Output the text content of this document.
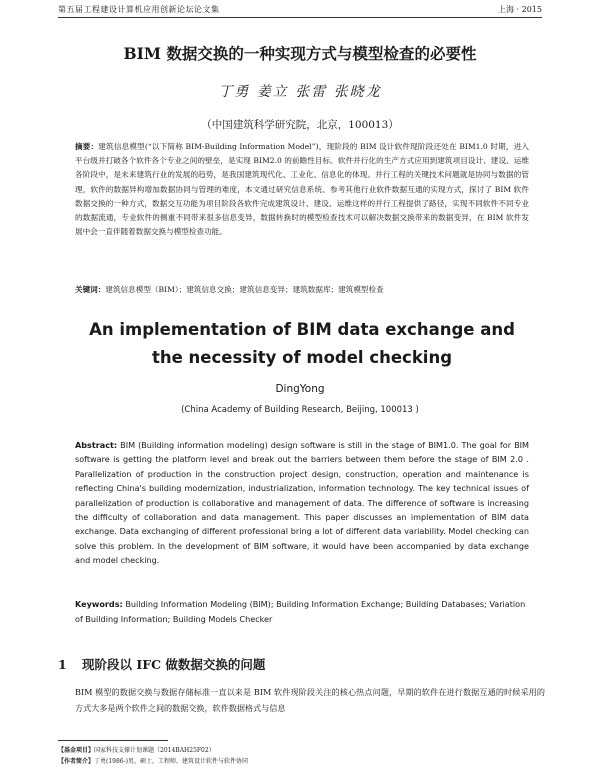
第五届工程建设计算机应用创新论坛论文集	上海 · 2015
BIM 数据交换的一种实现方式与模型检查的必要性
丁勇 姜立 张雷 张晓龙
（中国建筑科学研究院，北京，100013）
摘要：建筑信息模型(“以下简称 BIM-Building Information Model”)，现阶段的 BIM 设计软件现阶段还处在 BIM1.0 时期，进入平台级并打破各个软件各个专业之间的壁垒，是实现 BIM2.0 的前瞻性目标。软件并行化的生产方式应用到建筑项目设计、建设、运维各阶段中，是未来建筑行业的发展的趋势，是我国建筑现代化、工业化、信息化的体现。并行工程的关键技术问题就是协同与数据的管理，软件的数据异构增加数据协同与管理的难度，本文通过研究信息系统、参考其他行业软件数据互通的实现方式，探讨了 BIM 软件数据交换的一种方式，数据交互功能为项目阶段各软件完成建筑设计、建设、运维这样的并行工程提供了路径，实现不同软件不同专业的数据流通，专业软件的侧重不同带来很多信息变异，数据转换时的模型检查技术可以解决数据交换带来的数据变异，在 BIM 软件发展中会一直伴随着数据交换与模型检查功能。
关键词：建筑信息模型（BIM）；建筑信息交换；建筑信息变异；建筑数据库；建筑模型检查
An implementation of BIM data exchange and the necessity of model checking
DingYong
(China Academy of Building Research, Beijing, 100013 )
Abstract: BIM (Building information modeling) design software is still in the stage of BIM1.0. The goal for BIM software is getting the platform level and break out the barriers between them before the stage of BIM 2.0 . Parallelization of production in the construction project design, construction, operation and maintenance is reflecting China's building modernization, industrialization, information technology. The key technical issues of parallelization of production is collaborative and management of data. The difference of software is increasing the difficulty of collaboration and data management. This paper discusses an implementation of BIM data exchange. Data exchanging of different professional bring a lot of different data variability. Model checking can solve this problem. In the development of BIM software, it would have been accompanied by data exchange and model checking.
Keywords: Building Information Modeling (BIM); Building Information Exchange; Building Databases; Variation of Building Information; Building Models Checker
1 现阶段以 IFC 做数据交换的问题
BIM 模型的数据交换与数据存储标准一直以来是 BIM 软件现阶段关注的核心热点问题，早期的软件在进行数据互通的时候采用的方式大多是两个软件之间的数据交换，软件数据格式与信息
【基金项目】国家科技支撑计划课题（2014BAH25F02）
【作者简介】丁勇(1986-)男，硕士，工程师，建筑设计软件与软件协同
